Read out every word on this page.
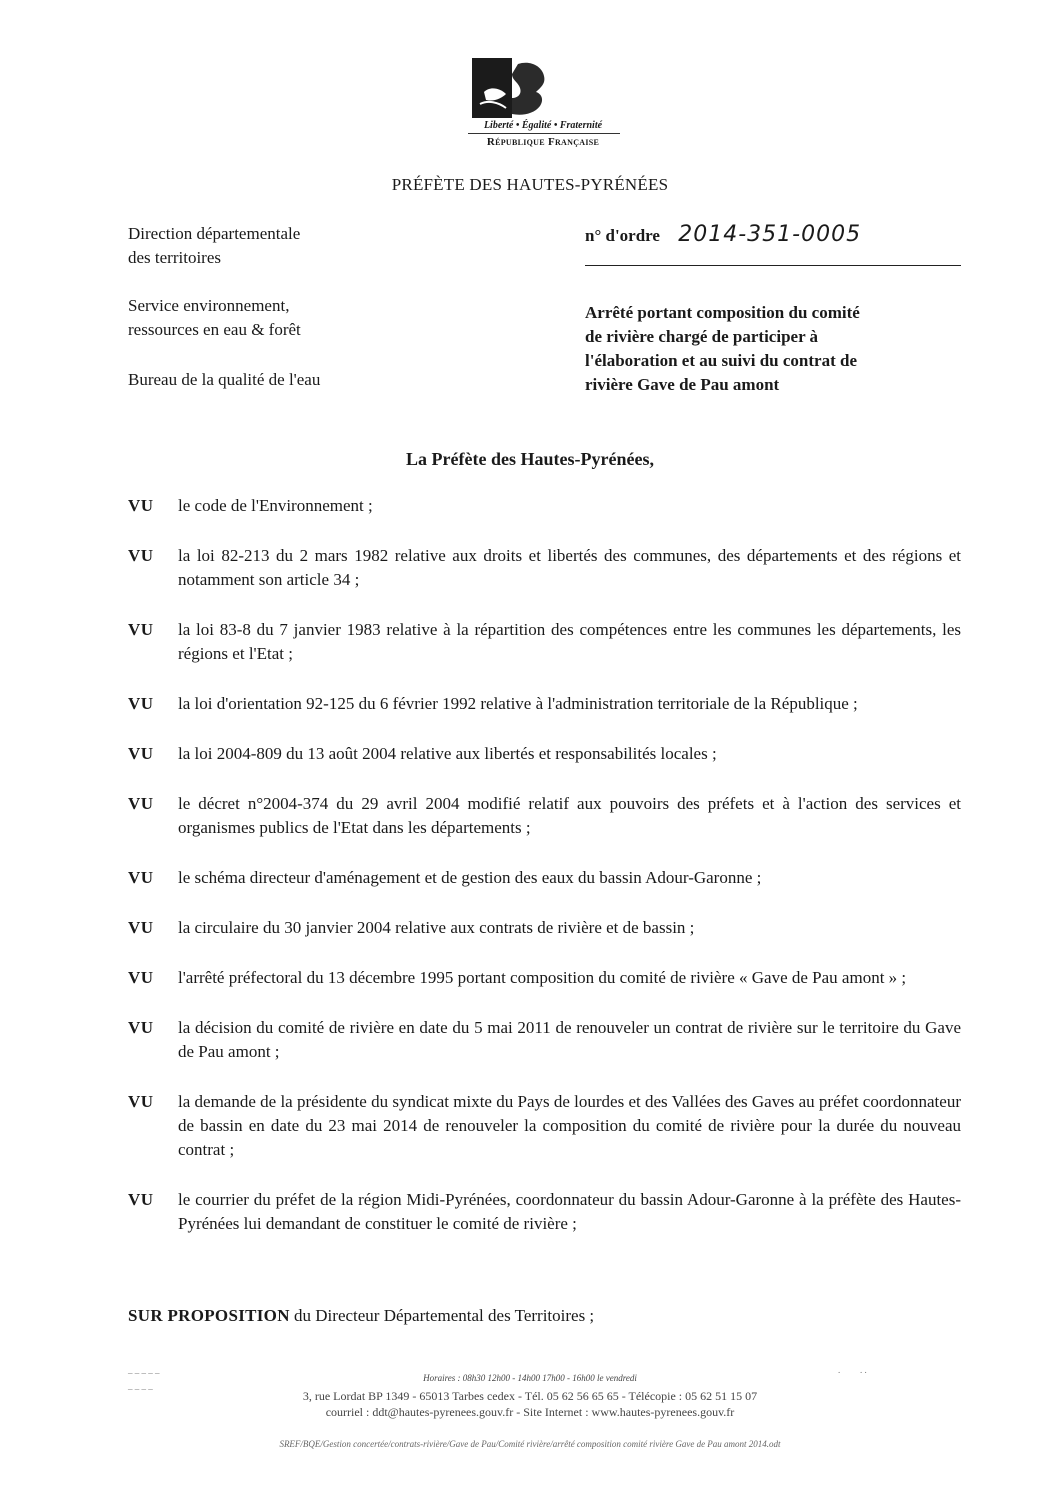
Liberté • Égalité • Fraternité
République Française
PRÉFÈTE DES HAUTES-PYRÉNÉES
Direction départementale
des territoires
Service environnement,
ressources en eau & forêt
Bureau de la qualité de l'eau
n° d'ordre 2014-351-0005
Arrêté portant composition du comité
de rivière chargé de participer à
l'élaboration et au suivi du contrat de
rivière Gave de Pau amont
La Préfète des Hautes-Pyrénées,
VU	le code de l'Environnement ;
VU	la loi 82-213 du 2 mars 1982 relative aux droits et libertés des communes, des départements et des régions et notamment son article 34 ;
VU	la loi 83-8 du 7 janvier 1983 relative à la répartition des compétences entre les communes les départements, les régions et l'Etat ;
VU	la loi d'orientation 92-125 du 6 février 1992 relative à l'administration territoriale de la République ;
VU	la loi 2004-809 du 13 août 2004 relative aux libertés et responsabilités locales ;
VU	le décret n°2004-374 du 29 avril 2004 modifié relatif aux pouvoirs des préfets et à l'action des services et organismes publics de l'Etat dans les départements ;
VU	le schéma directeur d'aménagement et de gestion des eaux du bassin Adour-Garonne ;
VU	la circulaire du 30 janvier 2004 relative aux contrats de rivière et de bassin ;
VU	l'arrêté préfectoral du 13 décembre 1995 portant composition du comité de rivière « Gave de Pau amont » ;
VU	la décision du comité de rivière en date du 5 mai 2011 de renouveler un contrat de rivière sur le territoire du Gave de Pau amont ;
VU	la demande de la présidente du syndicat mixte du Pays de lourdes et des Vallées des Gaves au préfet coordonnateur de bassin en date du 23 mai 2014 de renouveler la composition du comité de rivière pour la durée du nouveau contrat ;
VU	le courrier du préfet de la région Midi-Pyrénées, coordonnateur du bassin Adour-Garonne à la préfète des Hautes-Pyrénées lui demandant de constituer le comité de rivière ;
SUR PROPOSITION du Directeur Départemental des Territoires ;
_ _ _ _ _
_ _ _ _
. . .
Horaires : 08h30 12h00 - 14h00 17h00 - 16h00 le vendredi
3, rue Lordat BP 1349 - 65013 Tarbes cedex - Tél. 05 62 56 65 65 - Télécopie : 05 62 51 15 07
courriel : ddt@hautes-pyrenees.gouv.fr - Site Internet : www.hautes-pyrenees.gouv.fr
SREF/BQE/Gestion concertée/contrats-rivière/Gave de Pau/Comité rivière/arrêté composition comité rivière Gave de Pau amont 2014.odt
